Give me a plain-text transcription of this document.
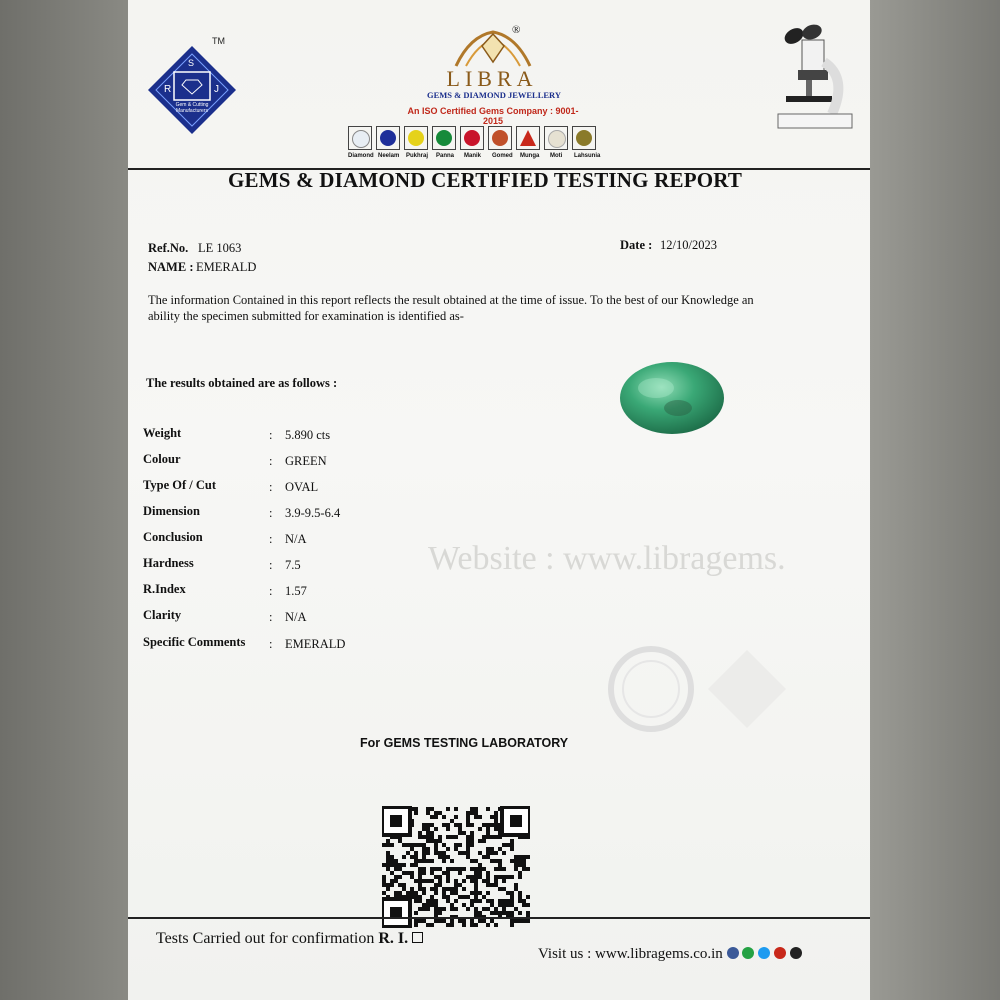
TM
S
R	J
Gem & Cutting Manufacturers
®
LIBRA
GEMS & DIAMOND JEWELLERY
An ISO Certified Gems Company : 9001-2015
Diamond Neelam Pukhraj Panna Manik Gomed Munga Moti Lahsunia
GEMS & DIAMOND CERTIFIED TESTING REPORT
Ref.No. LE 1063
NAME : EMERALD
Date : 12/10/2023
The information Contained in this report reflects the result obtained at the time of issue. To the best of our Knowledge an ability the specimen submitted for examination is identified as-
The results obtained are as follows :
Weight	: 5.890 cts
Colour	: GREEN
Type Of / Cut	: OVAL
Dimension	: 3.9-9.5-6.4
Conclusion	: N/A
Hardness	: 7.5
R.Index	: 1.57
Clarity	: N/A
Specific Comments : EMERALD
Website : www.libragems.
For GEMS TESTING LABORATORY
Tests Carried out for confirmation R. I.
Visit us : www.libragems.co.in
